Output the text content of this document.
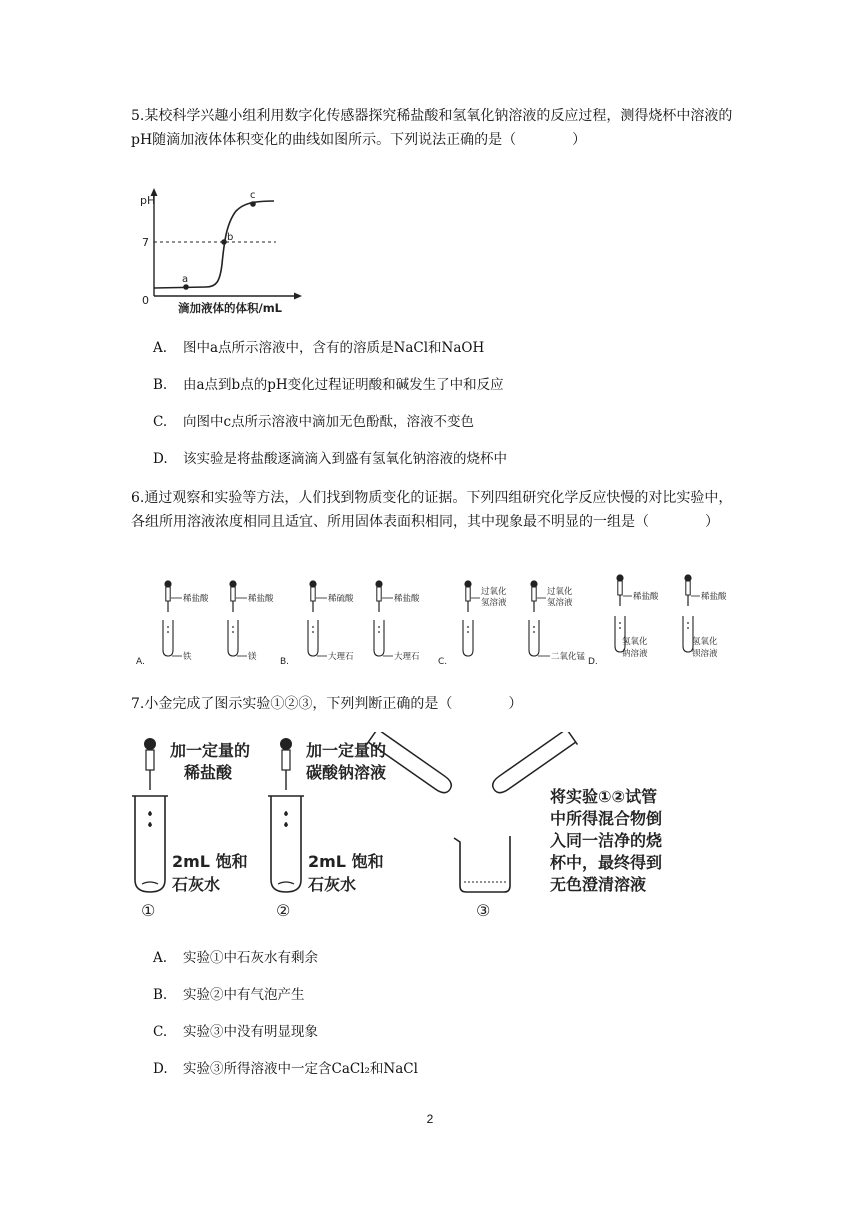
5.某校科学兴趣小组利用数字化传感器探究稀盐酸和氢氧化钠溶液的反应过程，测得烧杯中溶液的pH随滴加液体体积变化的曲线如图所示。下列说法正确的是（　　　　）
pH
7
0
a
b
c
滴加液体的体积/mL
A. 图中a点所示溶液中，含有的溶质是NaCl和NaOH
B. 由a点到b点的pH变化过程证明酸和碱发生了中和反应
C. 向图中c点所示溶液中滴加无色酚酞，溶液不变色
D. 该实验是将盐酸逐滴滴入到盛有氢氧化钠溶液的烧杯中
6.通过观察和实验等方法，人们找到物质变化的证据。下列四组研究化学反应快慢的对比实验中，各组所用溶液浓度相同且适宜、所用固体表面积相同，其中现象最不明显的一组是（　　　　）
A.
稀盐酸
铁
稀盐酸
镁	B.
稀硫酸
大理石
稀盐酸
大理石 C.
过氧化氢溶液
过氧化氢溶液
二氧化锰 D.
稀盐酸
氢氧化钠溶液
稀盐酸
氢氧化钡溶液
7.小金完成了图示实验①②③，下列判断正确的是（　　　　）
加一定量的
稀盐酸
2mL 饱和
石灰水
①
加一定量的
碳酸钠溶液
2mL 饱和
石灰水
②	③
将实验①②试管
中所得混合物倒
入同一洁净的烧
杯中，最终得到
无色澄清溶液
A. 实验①中石灰水有剩余
B. 实验②中有气泡产生
C. 实验③中没有明显现象
D. 实验③所得溶液中一定含CaCl₂和NaCl
2
